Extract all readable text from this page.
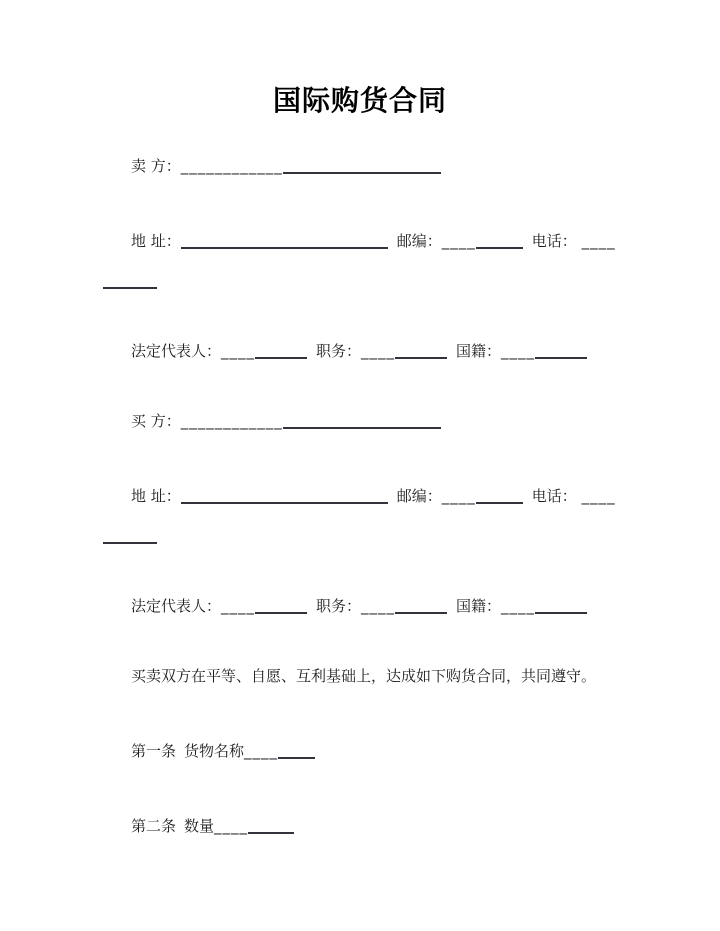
国际购货合同

卖 方：____________

地 址：	邮编：____	电话： ____

法定代表人：____	职务：____	国籍：____

买 方：____________

地 址：	邮编：____	电话： ____

法定代表人：____	职务：____	国籍：____

买卖双方在平等、自愿、互利基础上，达成如下购货合同，共同遵守。

第一条 货物名称____

第二条 数量____
